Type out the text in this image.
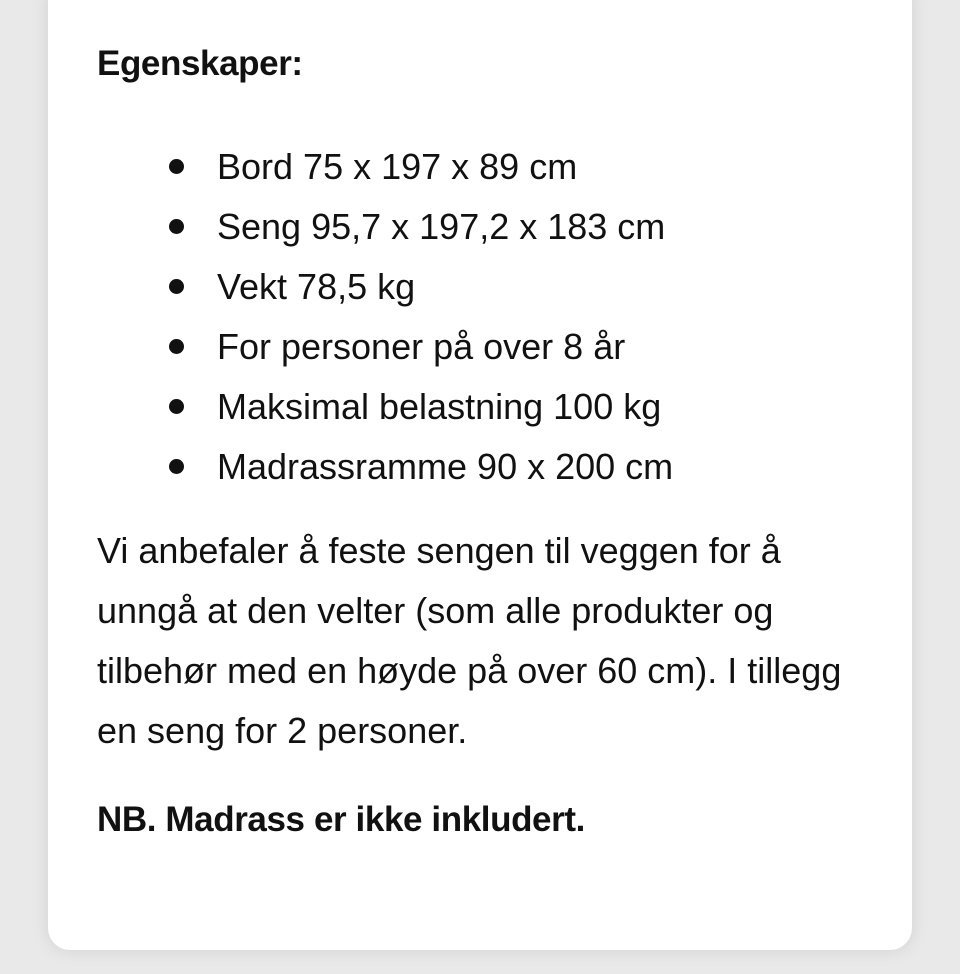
Egenskaper:
Bord 75 x 197 x 89 cm
Seng 95,7 x 197,2 x 183 cm
Vekt 78,5 kg
For personer på over 8 år
Maksimal belastning 100 kg
Madrassramme 90 x 200 cm

Vi anbefaler å feste sengen til veggen for å unngå at den velter (som alle produkter og tilbehør med en høyde på over 60 cm). I tillegg en seng for 2 personer.

NB. Madrass er ikke inkludert.
